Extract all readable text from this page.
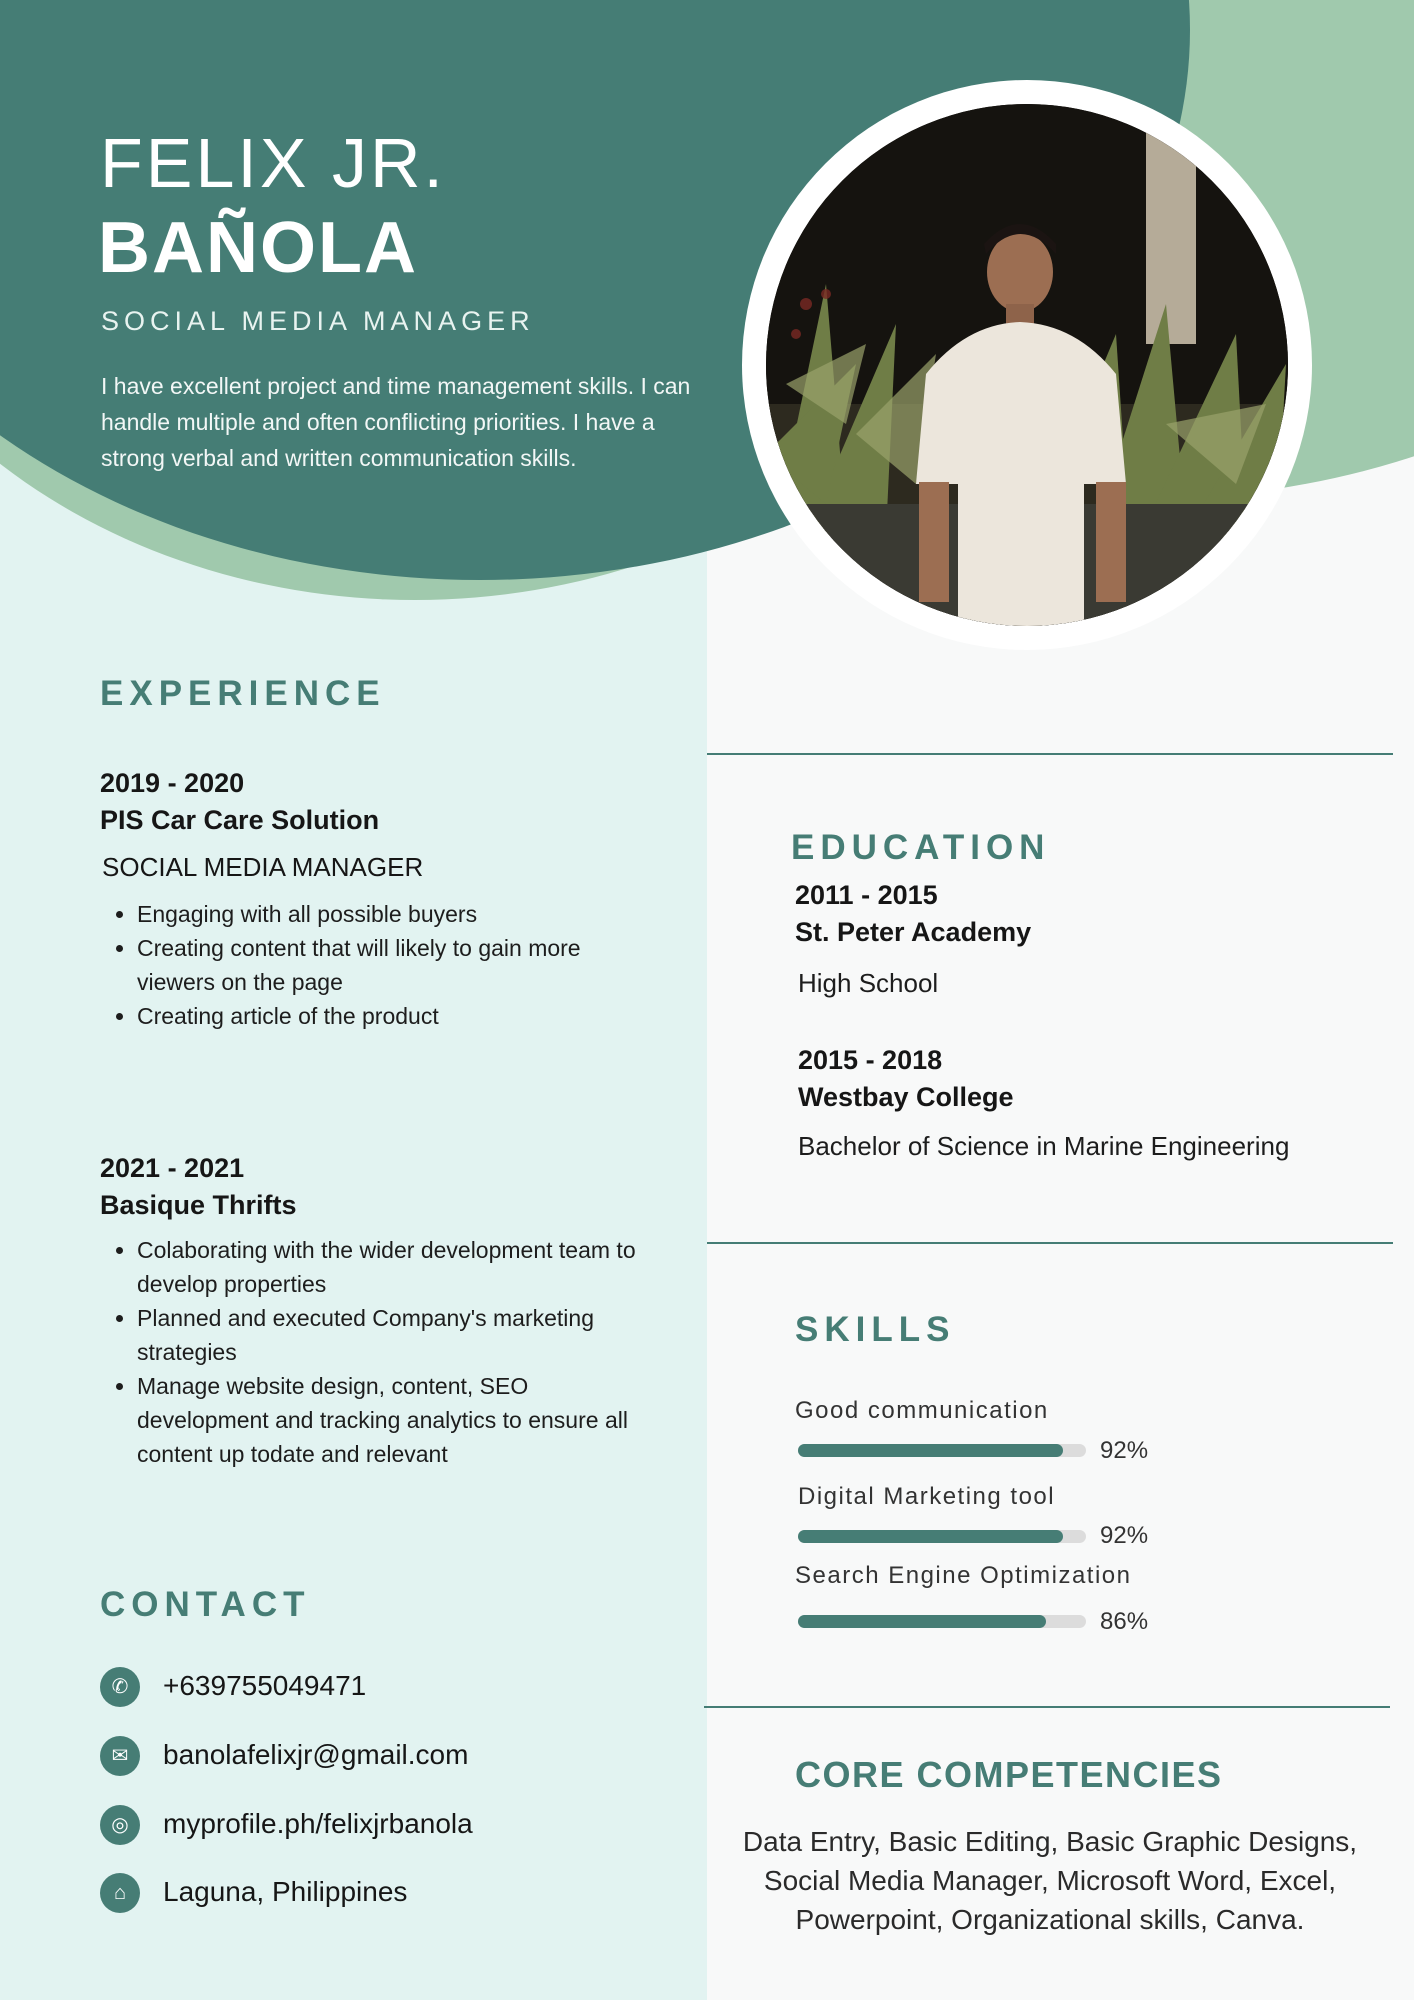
FELIX JR.
BAÑOLA
SOCIAL MEDIA MANAGER
I have excellent project and time management skills. I can handle multiple and often conflicting priorities. I have a strong verbal and written communication skills.
EXPERIENCE
2019 - 2020
PIS Car Care Solution
SOCIAL MEDIA MANAGER
• Engaging with all possible buyers
• Creating content that will likely to gain more viewers on the page
• Creating article of the product
2021 - 2021
Basique Thrifts
• Colaborating with the wider development team to develop properties
• Planned and executed Company's marketing strategies
• Manage website design, content, SEO development and tracking analytics to ensure all content up todate and relevant
CONTACT
✆	+639755049471
✉	banolafelixjr@gmail.com
◎	myprofile.ph/felixjrbanola
⌂	Laguna, Philippines
EDUCATION
2011 - 2015
St. Peter Academy
High School
2015 - 2018
Westbay College
Bachelor of Science in Marine Engineering
SKILLS
Good communication
92%
Digital Marketing tool
92%
Search Engine Optimization
86%
CORE COMPETENCIES
Data Entry, Basic Editing, Basic Graphic Designs, Social Media Manager, Microsoft Word, Excel, Powerpoint, Organizational skills, Canva.
